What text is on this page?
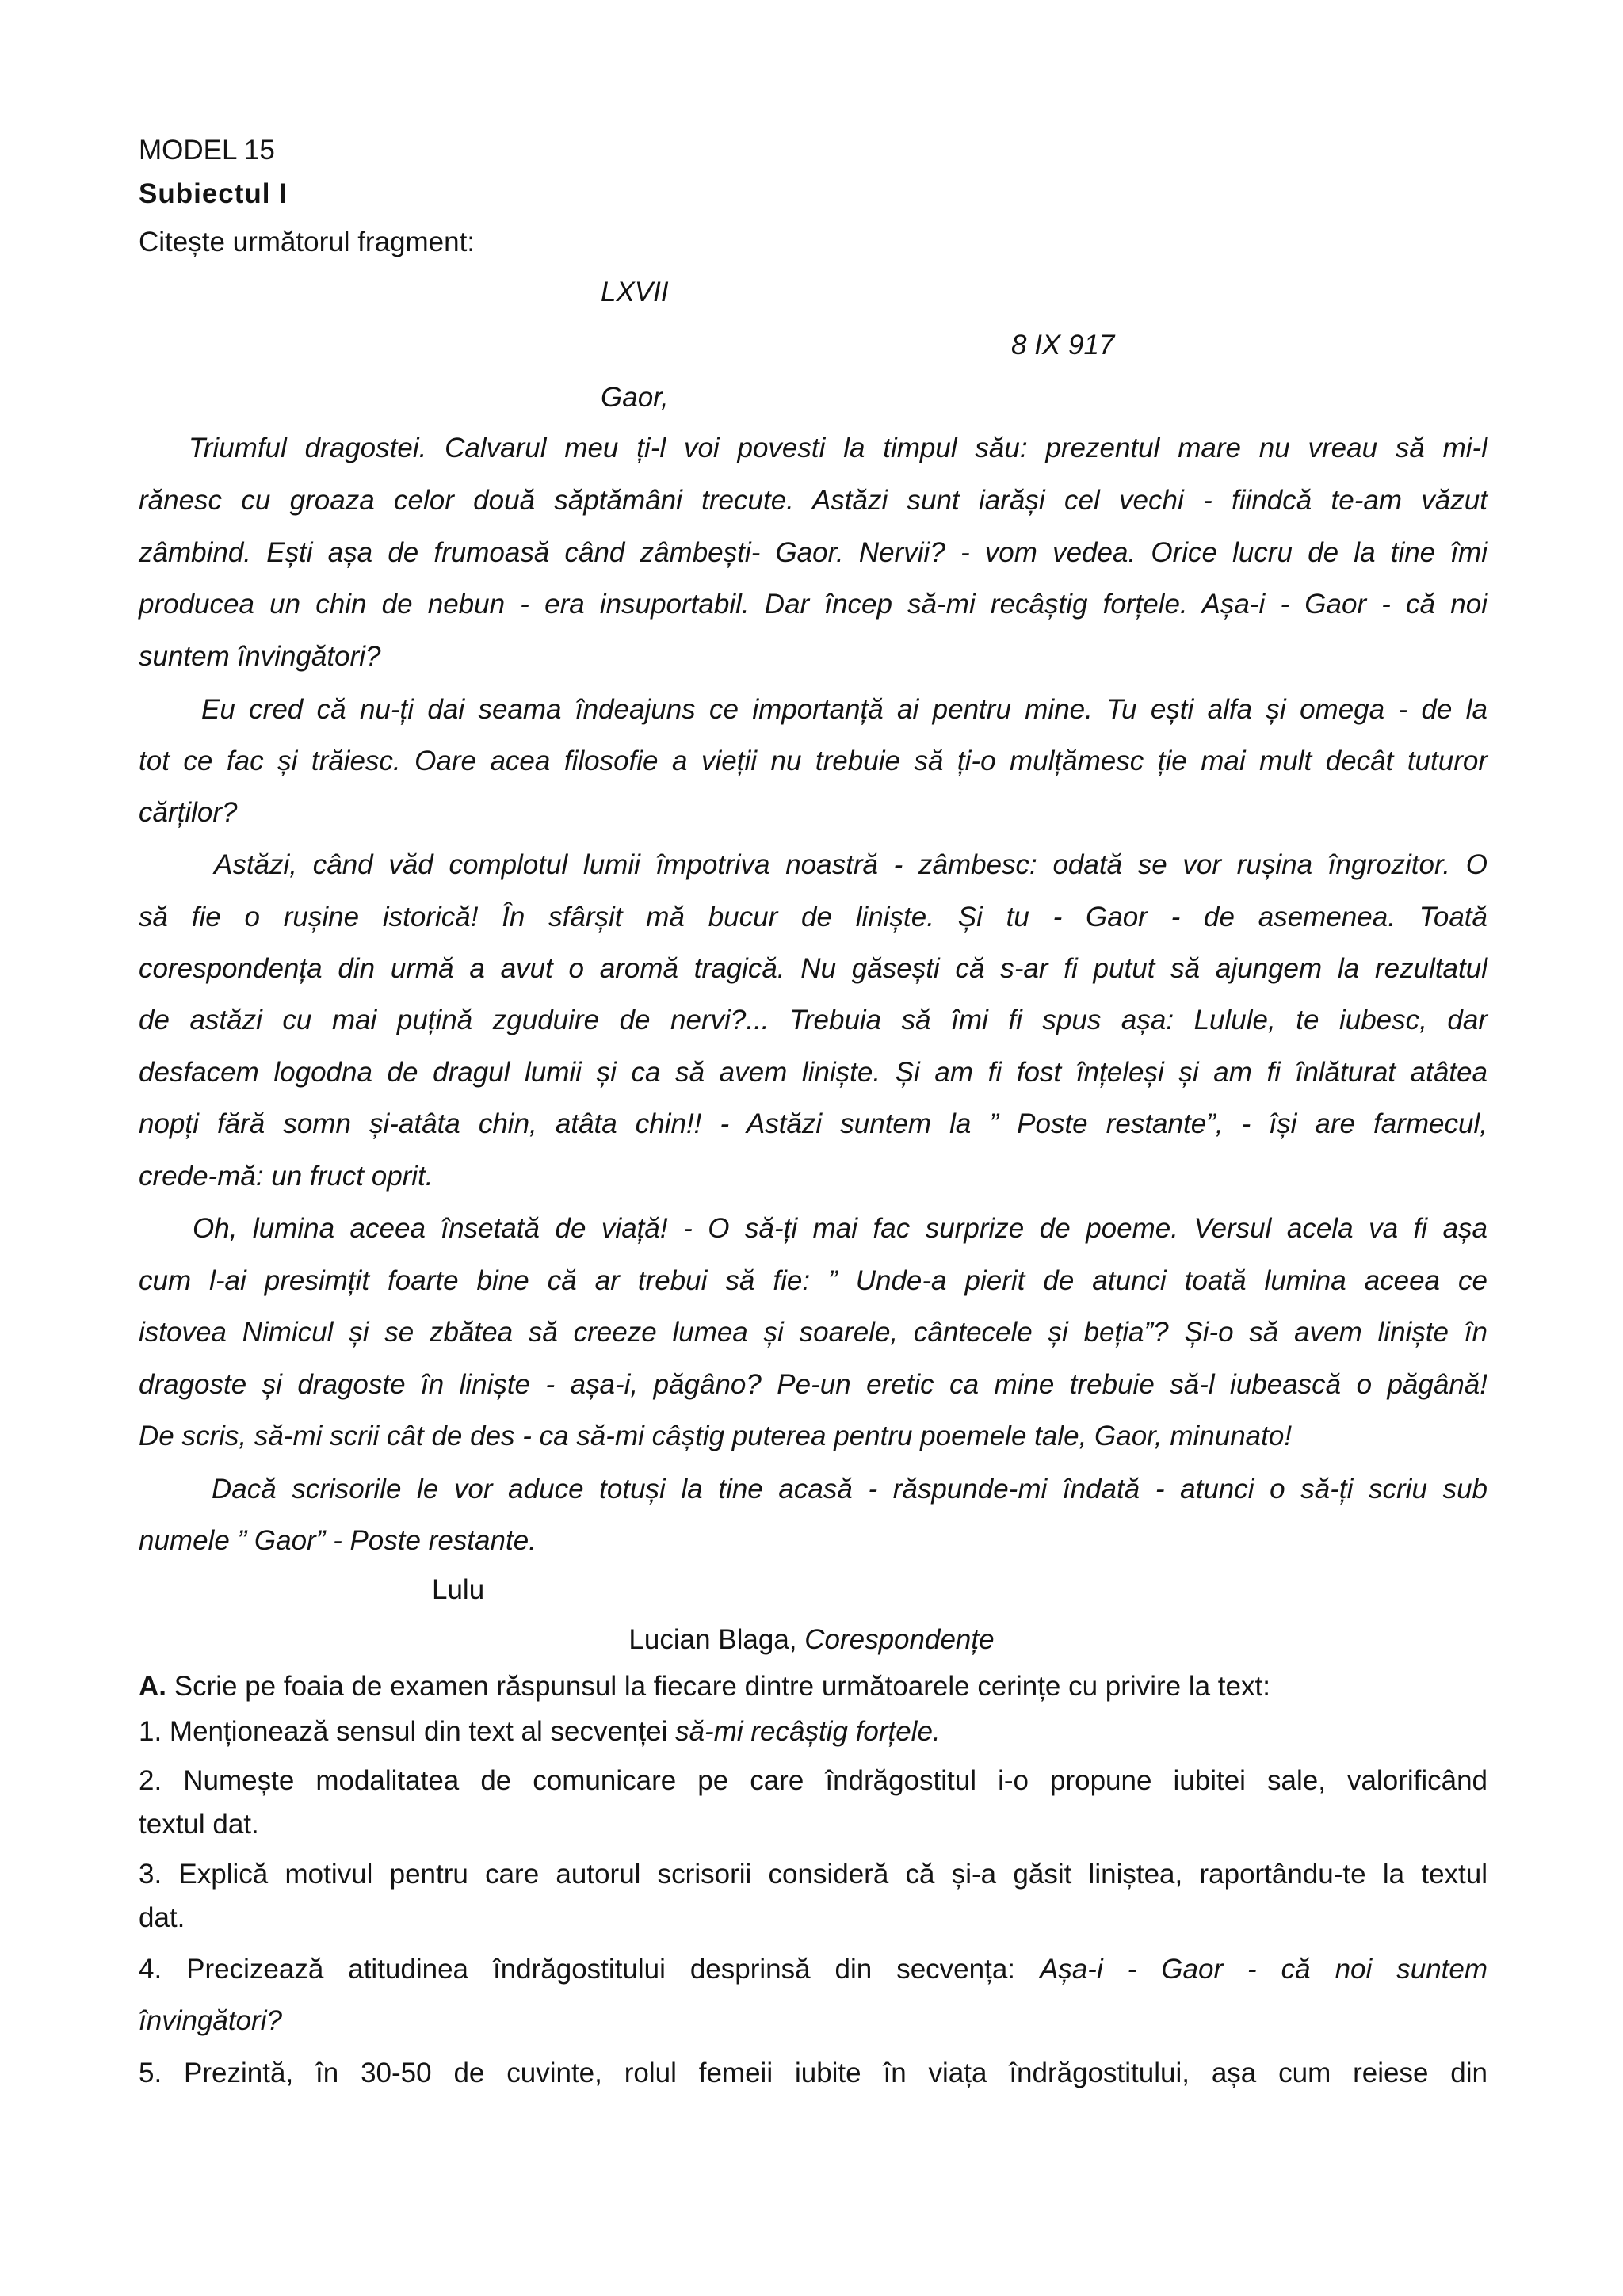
MODEL 15

Subiectul I

Citește următorul fragment:

LXVII

8 IX 917

Gaor,

Triumful dragostei. Calvarul meu ți-l voi povesti la timpul său: prezentul mare nu vreau să mi-l

rănesc cu groaza celor două săptămâni trecute. Astăzi sunt iarăși cel vechi - fiindcă te-am văzut

zâmbind. Ești așa de frumoasă când zâmbești- Gaor. Nervii? - vom vedea. Orice lucru de la tine îmi

producea un chin de nebun - era insuportabil. Dar încep să-mi recâștig forțele. Așa-i - Gaor - că noi

suntem învingători?

Eu cred că nu-ți dai seama îndeajuns ce importanță ai pentru mine. Tu ești alfa și omega - de la

tot ce fac și trăiesc. Oare acea filosofie a vieții nu trebuie să ți-o mulțămesc ție mai mult decât tuturor

cărților?

Astăzi, când văd complotul lumii împotriva noastră - zâmbesc: odată se vor rușina îngrozitor. O

să fie o rușine istorică! În sfârșit mă bucur de liniște. Și tu - Gaor - de asemenea. Toată

corespondența din urmă a avut o aromă tragică. Nu găsești că s-ar fi putut să ajungem la rezultatul

de astăzi cu mai puțină zguduire de nervi?... Trebuia să îmi fi spus așa: Lulule, te iubesc, dar

desfacem logodna de dragul lumii și ca să avem liniște. Și am fi fost înțeleși și am fi înlăturat atâtea

nopți fără somn și-atâta chin, atâta chin!! - Astăzi suntem la ” Poste restante”, - își are farmecul,

crede-mă: un fruct oprit.

Oh, lumina aceea însetată de viață! - O să-ți mai fac surprize de poeme. Versul acela va fi așa

cum l-ai presimțit foarte bine că ar trebui să fie: ” Unde-a pierit de atunci toată lumina aceea ce

istovea Nimicul și se zbătea să creeze lumea și soarele, cântecele și beția”? Și-o să avem liniște în

dragoste și dragoste în liniște - așa-i, păgâno? Pe-un eretic ca mine trebuie să-l iubească o păgână!

De scris, să-mi scrii cât de des - ca să-mi câștig puterea pentru poemele tale, Gaor, minunato!

Dacă scrisorile le vor aduce totuși la tine acasă - răspunde-mi îndată - atunci o să-ți scriu sub

numele ” Gaor” - Poste restante.

Lulu

Lucian Blaga, Corespondențe

A. Scrie pe foaia de examen răspunsul la fiecare dintre următoarele cerințe cu privire la text:

1. Menționează sensul din text al secvenței să-mi recâștig forțele.

2. Numește modalitatea de comunicare pe care îndrăgostitul i-o propune iubitei sale, valorificând

textul dat.

3. Explică motivul pentru care autorul scrisorii consideră că și-a găsit liniștea, raportându-te la textul

dat.

4. Precizează atitudinea îndrăgostitului desprinsă din secvența: Așa-i - Gaor - că noi suntem

învingători?

5. Prezintă, în 30-50 de cuvinte, rolul femeii iubite în viața îndrăgostitului, așa cum reiese din
